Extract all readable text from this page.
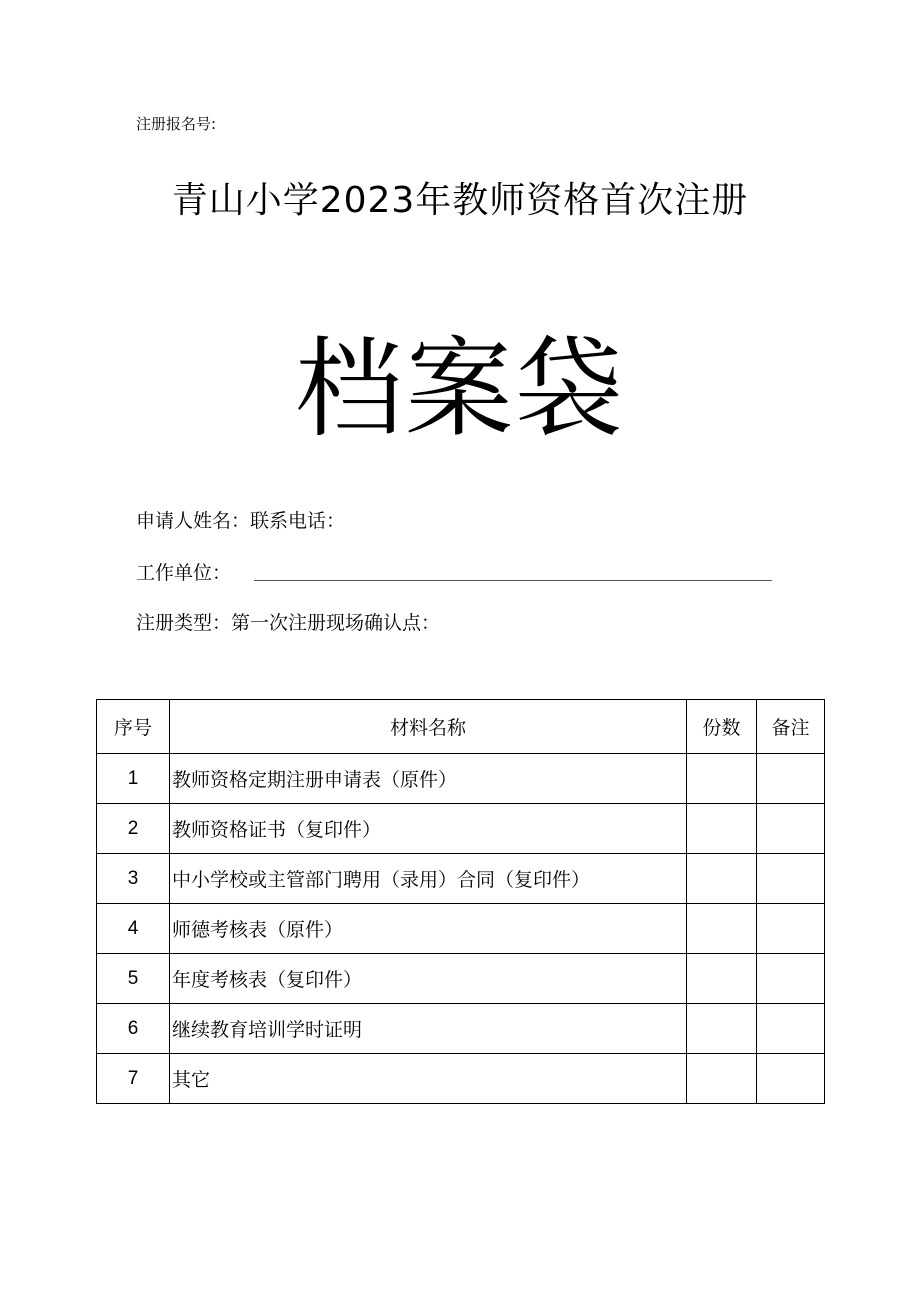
注册报名号:
青山小学2023年教师资格首次注册
档案袋
申请人姓名：联系电话：
工作单位：
注册类型：第一次注册现场确认点：
序号	材料名称	份数	备注
1	教师资格定期注册申请表（原件）		
2	教师资格证书（复印件）		
3	中小学校或主管部门聘用（录用）合同（复印件）		
4	师德考核表（原件）		
5	年度考核表（复印件）		
6	继续教育培训学时证明		
7	其它		
